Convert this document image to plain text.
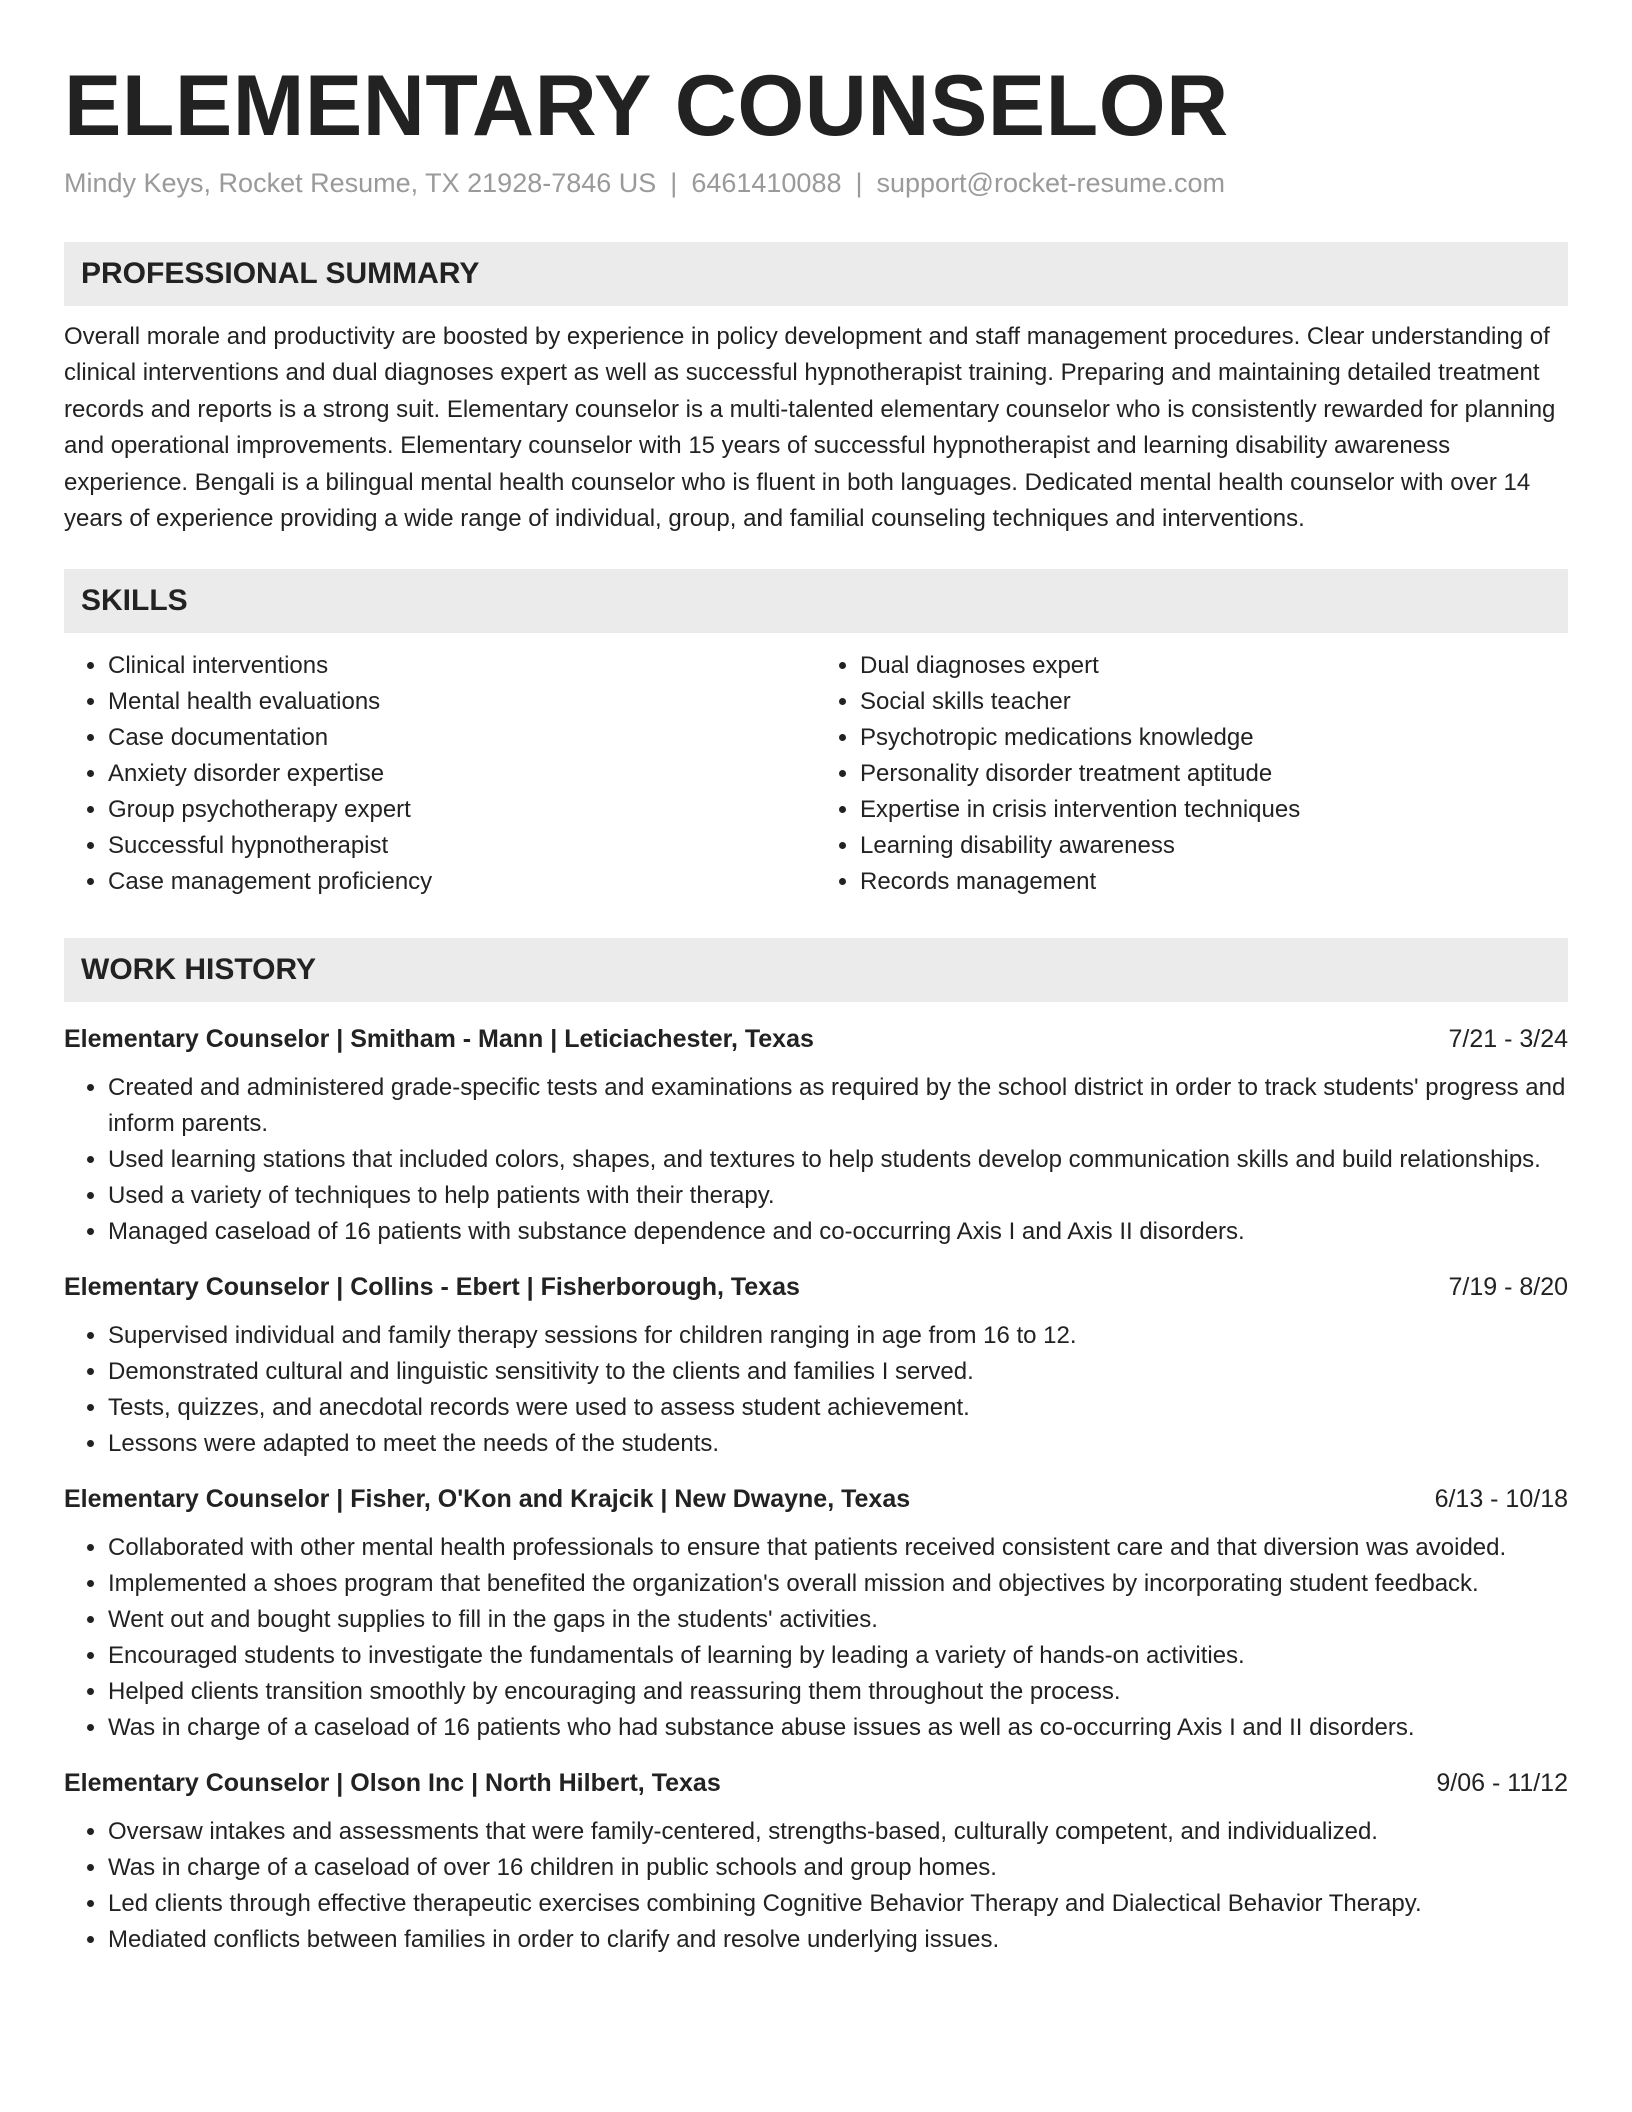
ELEMENTARY COUNSELOR
Mindy Keys, Rocket Resume, TX 21928-7846 US | 6461410088 | support@rocket-resume.com
PROFESSIONAL SUMMARY

Overall morale and productivity are boosted by experience in policy development and staff management procedures. Clear understanding of clinical interventions and dual diagnoses expert as well as successful hypnotherapist training. Preparing and maintaining detailed treatment records and reports is a strong suit. Elementary counselor is a multi-talented elementary counselor who is consistently rewarded for planning and operational improvements. Elementary counselor with 15 years of successful hypnotherapist and learning disability awareness experience. Bengali is a bilingual mental health counselor who is fluent in both languages. Dedicated mental health counselor with over 14 years of experience providing a wide range of individual, group, and familial counseling techniques and interventions.

SKILLS
• Clinical interventions
• Mental health evaluations
• Case documentation
• Anxiety disorder expertise
• Group psychotherapy expert
• Successful hypnotherapist
• Case management proficiency
• Dual diagnoses expert
• Social skills teacher
• Psychotropic medications knowledge
• Personality disorder treatment aptitude
• Expertise in crisis intervention techniques
• Learning disability awareness
• Records management
WORK HISTORY
Elementary Counselor | Smitham - Mann | Leticiachester, Texas	7/21 - 3/24
• Created and administered grade-specific tests and examinations as required by the school district in order to track students' progress and inform parents.
• Used learning stations that included colors, shapes, and textures to help students develop communication skills and build relationships.
• Used a variety of techniques to help patients with their therapy.
• Managed caseload of 16 patients with substance dependence and co-occurring Axis I and Axis II disorders.
Elementary Counselor | Collins - Ebert | Fisherborough, Texas	7/19 - 8/20
• Supervised individual and family therapy sessions for children ranging in age from 16 to 12.
• Demonstrated cultural and linguistic sensitivity to the clients and families I served.
• Tests, quizzes, and anecdotal records were used to assess student achievement.
• Lessons were adapted to meet the needs of the students.
Elementary Counselor | Fisher, O'Kon and Krajcik | New Dwayne, Texas	6/13 - 10/18
• Collaborated with other mental health professionals to ensure that patients received consistent care and that diversion was avoided.
• Implemented a shoes program that benefited the organization's overall mission and objectives by incorporating student feedback.
• Went out and bought supplies to fill in the gaps in the students' activities.
• Encouraged students to investigate the fundamentals of learning by leading a variety of hands-on activities.
• Helped clients transition smoothly by encouraging and reassuring them throughout the process.
• Was in charge of a caseload of 16 patients who had substance abuse issues as well as co-occurring Axis I and II disorders.
Elementary Counselor | Olson Inc | North Hilbert, Texas	9/06 - 11/12
• Oversaw intakes and assessments that were family-centered, strengths-based, culturally competent, and individualized.
• Was in charge of a caseload of over 16 children in public schools and group homes.
• Led clients through effective therapeutic exercises combining Cognitive Behavior Therapy and Dialectical Behavior Therapy.
• Mediated conflicts between families in order to clarify and resolve underlying issues.
